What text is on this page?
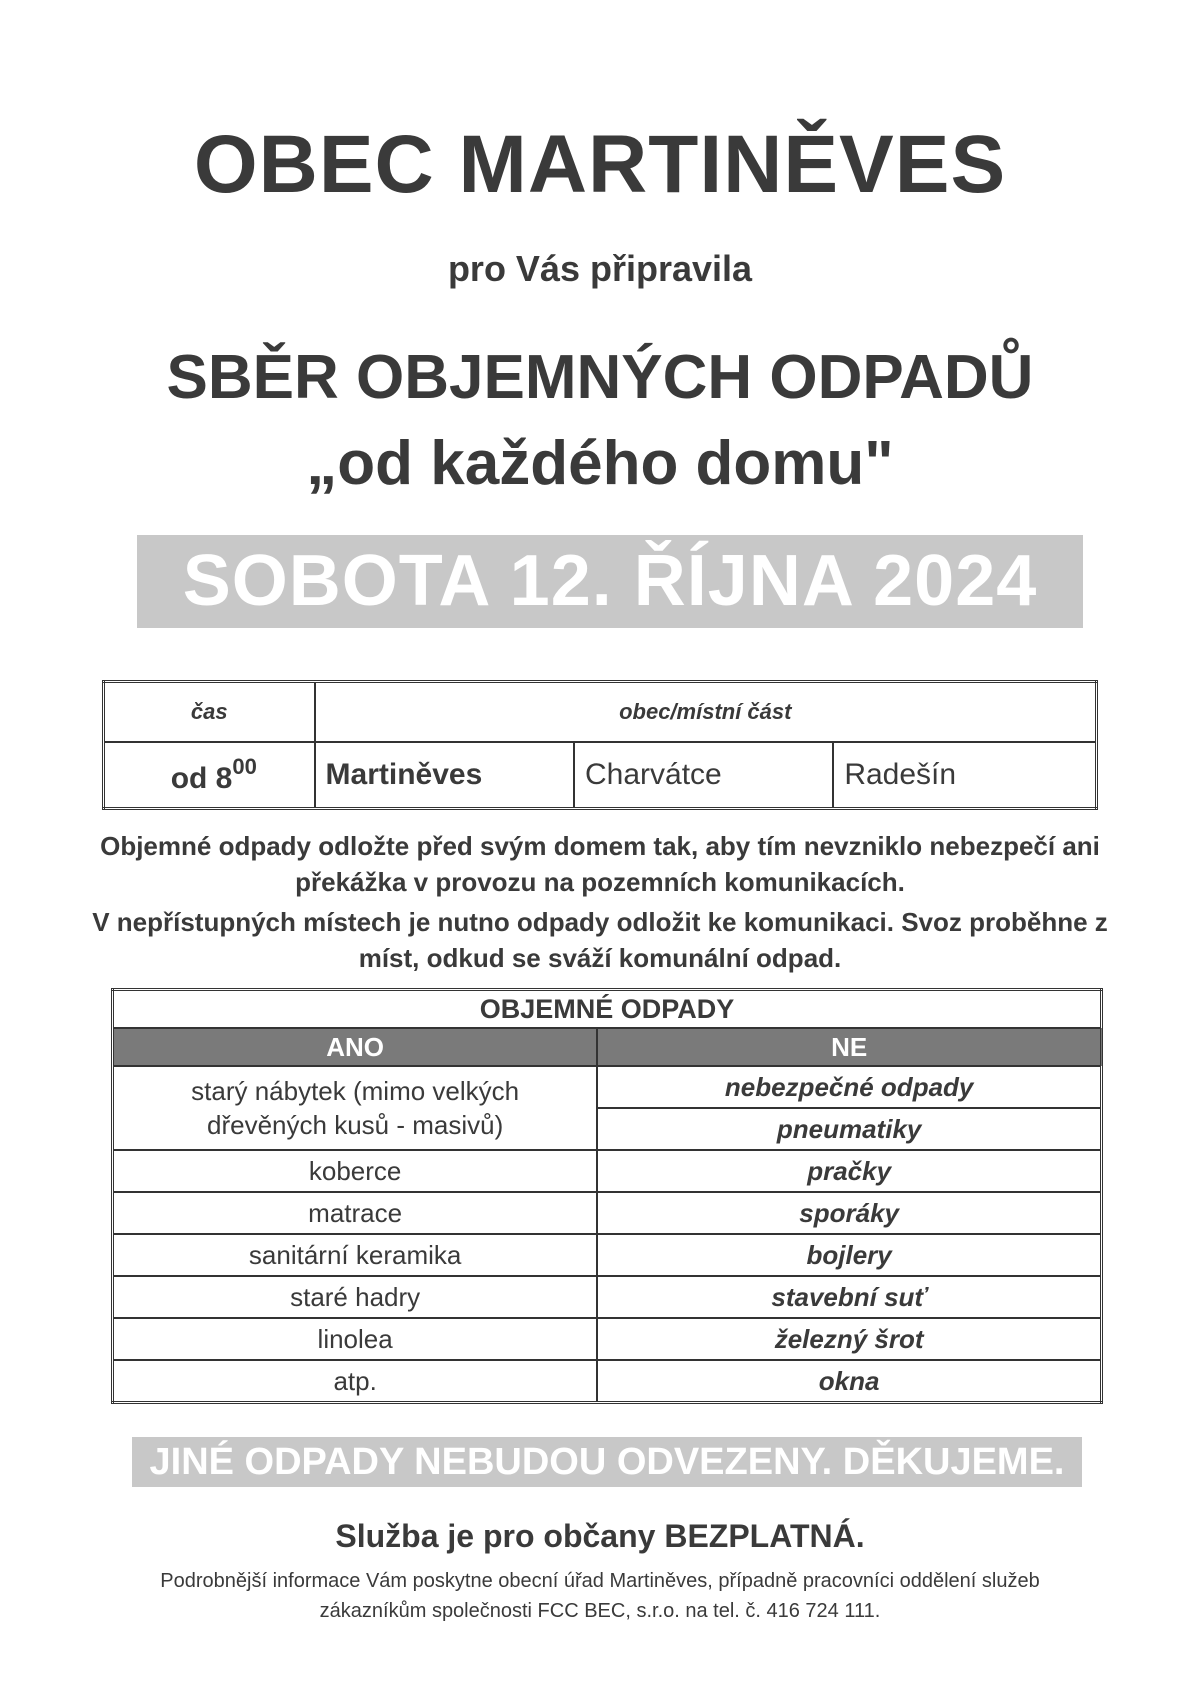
OBEC MARTINĚVES
pro Vás připravila
SBĚR OBJEMNÝCH ODPADŮ
„od každého domu"
SOBOTA 12. ŘÍJNA 2024
čas	obec/místní část		
od $8^{00}$	Martiněves	Charvátce	Radešín

Objemné odpady odložte před svým domem tak, aby tím nevzniklo nebezpečí ani překážka v provozu na pozemních komunikacích.

V nepřístupných místech je nutno odpady odložit ke komunikaci. Svoz proběhne z míst, odkud se sváží komunální odpad.

OBJEMNÉ ODPADY	
ANO	NE
starý nábytek (mimo velkých dřevěných kusů - masivů)	nebezpečné odpady
	pneumatiky
koberce	pračky
matrace	sporáky
sanitární keramika	bojlery
staré hadry	stavební suť
linolea	železný šrot
atp.	okna
JINÉ ODPADY NEBUDOU ODVEZENY. DĚKUJEME.
Služba je pro občany BEZPLATNÁ.
Podrobnější informace Vám poskytne obecní úřad Martiněves, případně pracovníci oddělení služeb
zákazníkům společnosti FCC BEC, s.r.o. na tel. č. 416 724 111.
